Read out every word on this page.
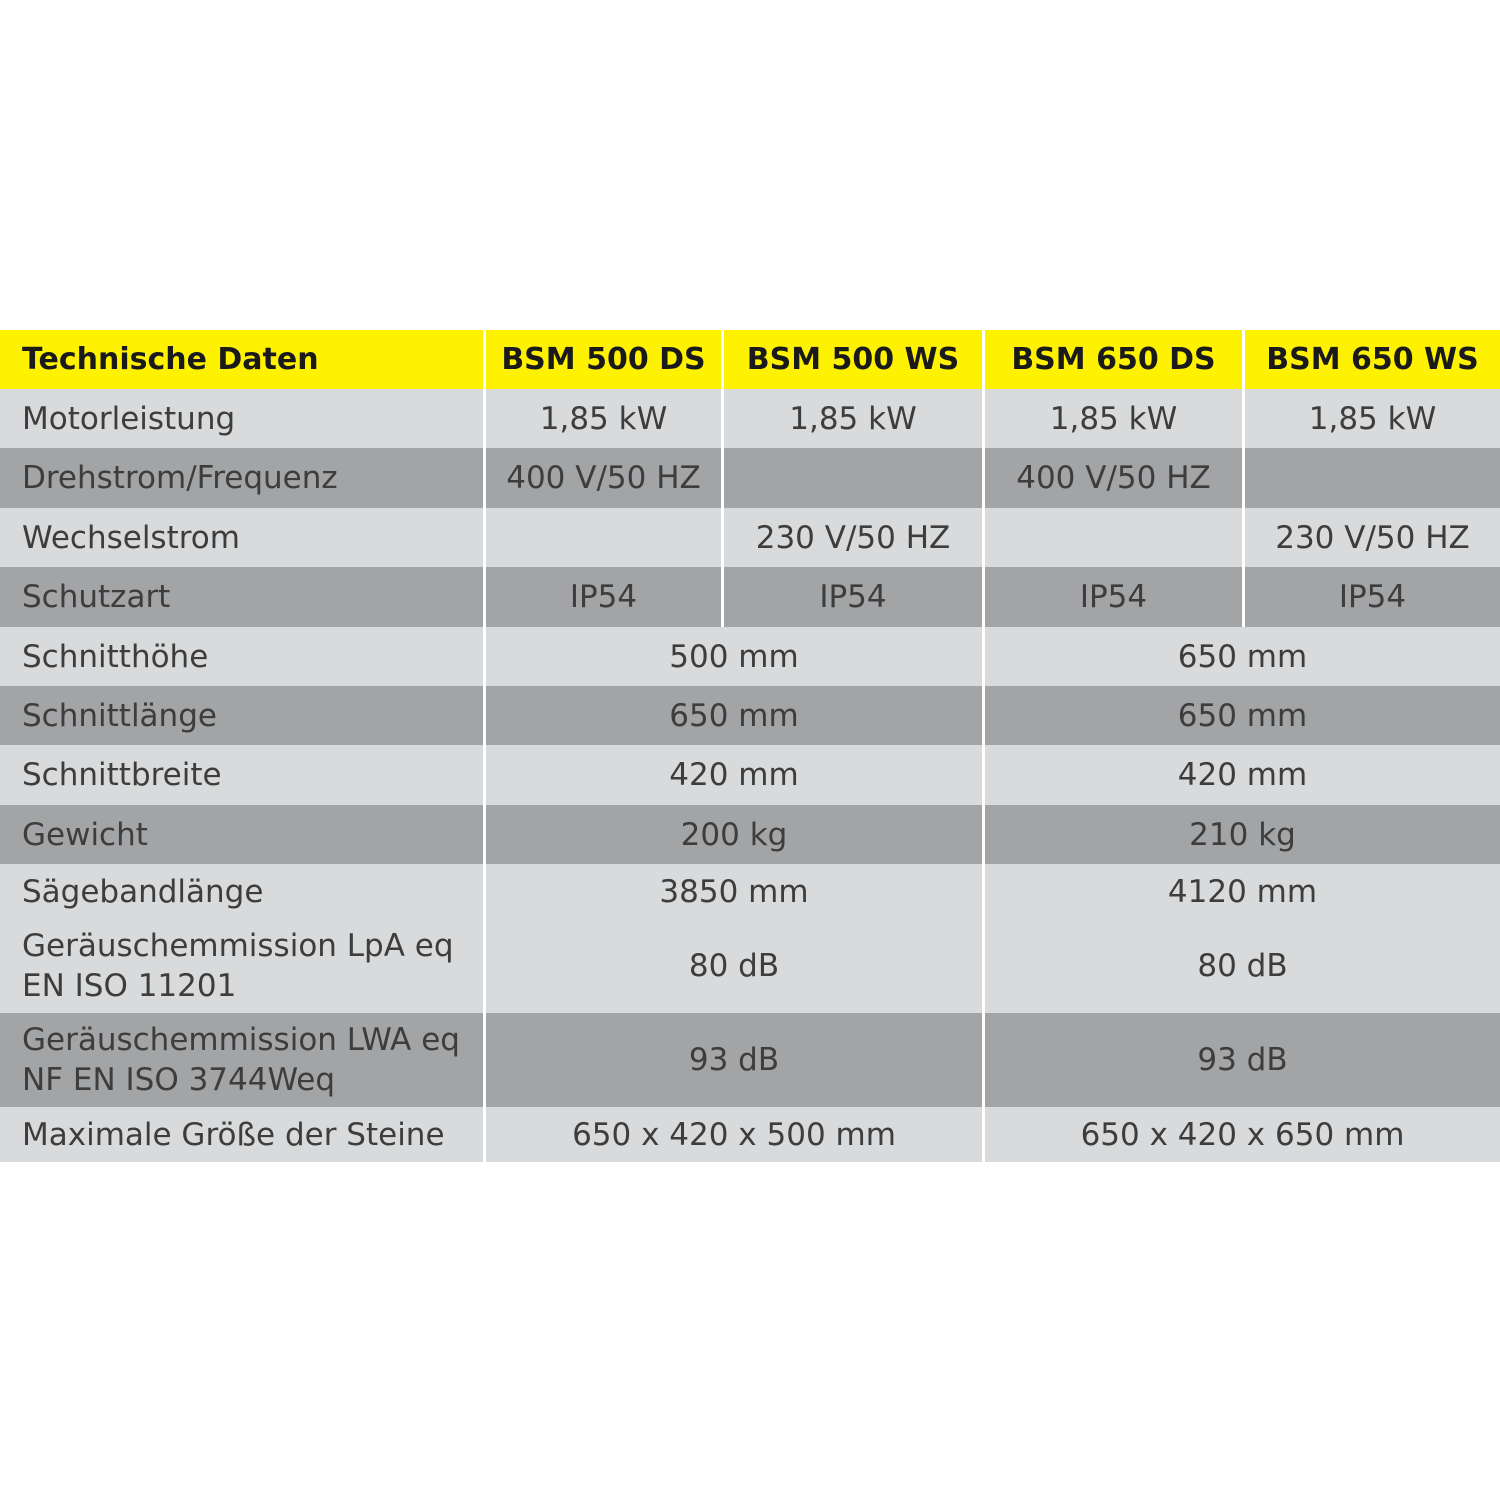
Technische Daten	BSM 500 DS	BSM 500 WS	BSM 650 DS	BSM 650 WS
Motorleistung	1,85 kW	1,85 kW	1,85 kW	1,85 kW
Drehstrom/Frequenz	400 V/50 HZ		400 V/50 HZ	
Wechselstrom		230 V/50 HZ		230 V/50 HZ
Schutzart	IP54	IP54	IP54	IP54
Schnitthöhe	500 mm		650 mm	
Schnittlänge	650 mm		650 mm	
Schnittbreite	420 mm		420 mm	
Gewicht	200 kg		210 kg	
Sägebandlänge	3850 mm		4120 mm	
Geräuschemmission LpA eq
EN ISO 11201	80 dB		80 dB	
Geräuschemmission LWA eq
NF EN ISO 3744Weq	93 dB		93 dB	
Maximale Größe der Steine	650 x 420 x 500 mm		650 x 420 x 650 mm	
